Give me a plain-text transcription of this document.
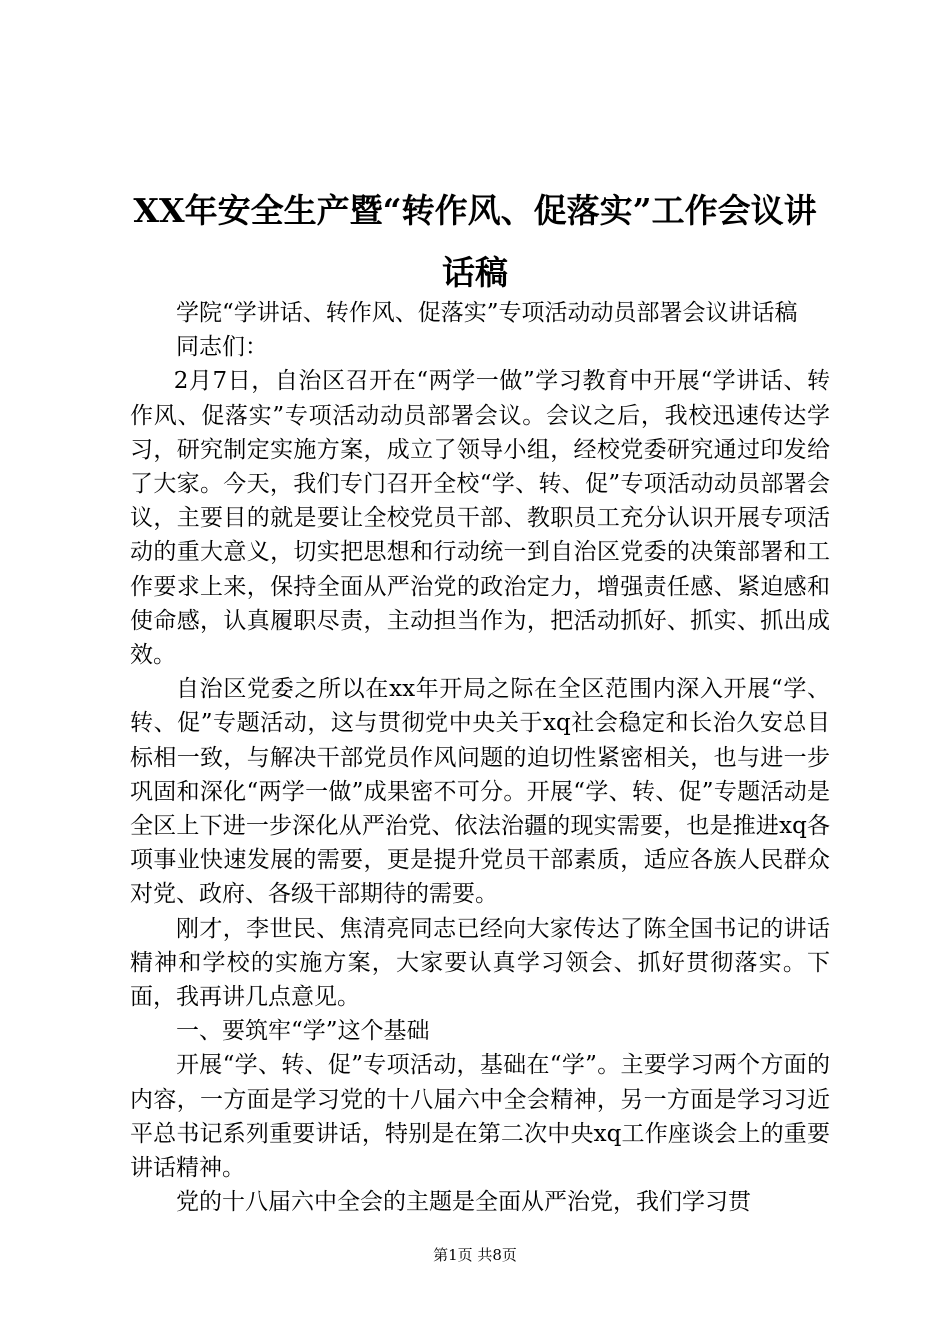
XX年安全生产暨“转作风、促落实”工作会议讲话稿

学院“学讲话、转作风、促落实”专项活动动员部署会议讲话稿

同志们：

2月7日，自治区召开在“两学一做”学习教育中开展“学讲话、转作风、促落实”专项活动动员部署会议。会议之后，我校迅速传达学习，研究制定实施方案，成立了领导小组，经校党委研究通过印发给了大家。今天，我们专门召开全校“学、转、促”专项活动动员部署会议，主要目的就是要让全校党员干部、教职员工充分认识开展专项活动的重大意义，切实把思想和行动统一到自治区党委的决策部署和工作要求上来，保持全面从严治党的政治定力，增强责任感、紧迫感和使命感，认真履职尽责，主动担当作为，把活动抓好、抓实、抓出成效。

自治区党委之所以在xx年开局之际在全区范围内深入开展“学、转、促”专题活动，这与贯彻党中央关于xq社会稳定和长治久安总目标相一致，与解决干部党员作风问题的迫切性紧密相关，也与进一步巩固和深化“两学一做”成果密不可分。开展“学、转、促”专题活动是全区上下进一步深化从严治党、依法治疆的现实需要，也是推进xq各项事业快速发展的需要，更是提升党员干部素质，适应各族人民群众对党、政府、各级干部期待的需要。

刚才，李世民、焦清亮同志已经向大家传达了陈全国书记的讲话精神和学校的实施方案，大家要认真学习领会、抓好贯彻落实。下面，我再讲几点意见。

一、要筑牢“学”这个基础

开展“学、转、促”专项活动，基础在“学”。主要学习两个方面的内容，一方面是学习党的十八届六中全会精神，另一方面是学习习近平总书记系列重要讲话，特别是在第二次中央xq工作座谈会上的重要讲话精神。

党的十八届六中全会的主题是全面从严治党，我们学习贯

第1页 共8页
